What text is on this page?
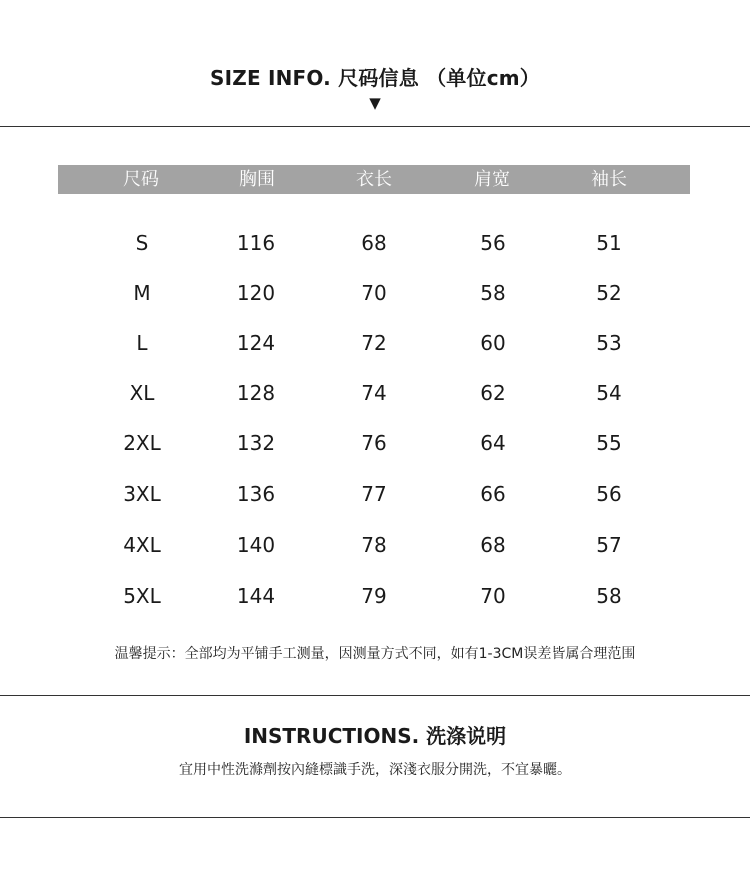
SIZE INFO. 尺码信息 （单位cm）
▼
尺码	胸围	衣长	肩宽	袖长
S	116	68	56	51
M	120	70	58	52
L	124	72	60	53
XL	128	74	62	54
2XL	132	76	64	55
3XL	136	77	66	56
4XL	140	78	68	57
5XL	144	79	70	58
温馨提示：全部均为平铺手工测量，因测量方式不同，如有1-3CM误差皆属合理范围
INSTRUCTIONS. 洗涤说明
宜用中性洗滌劑按內縫標識手洗，深淺衣服分開洗，不宜暴曬。
